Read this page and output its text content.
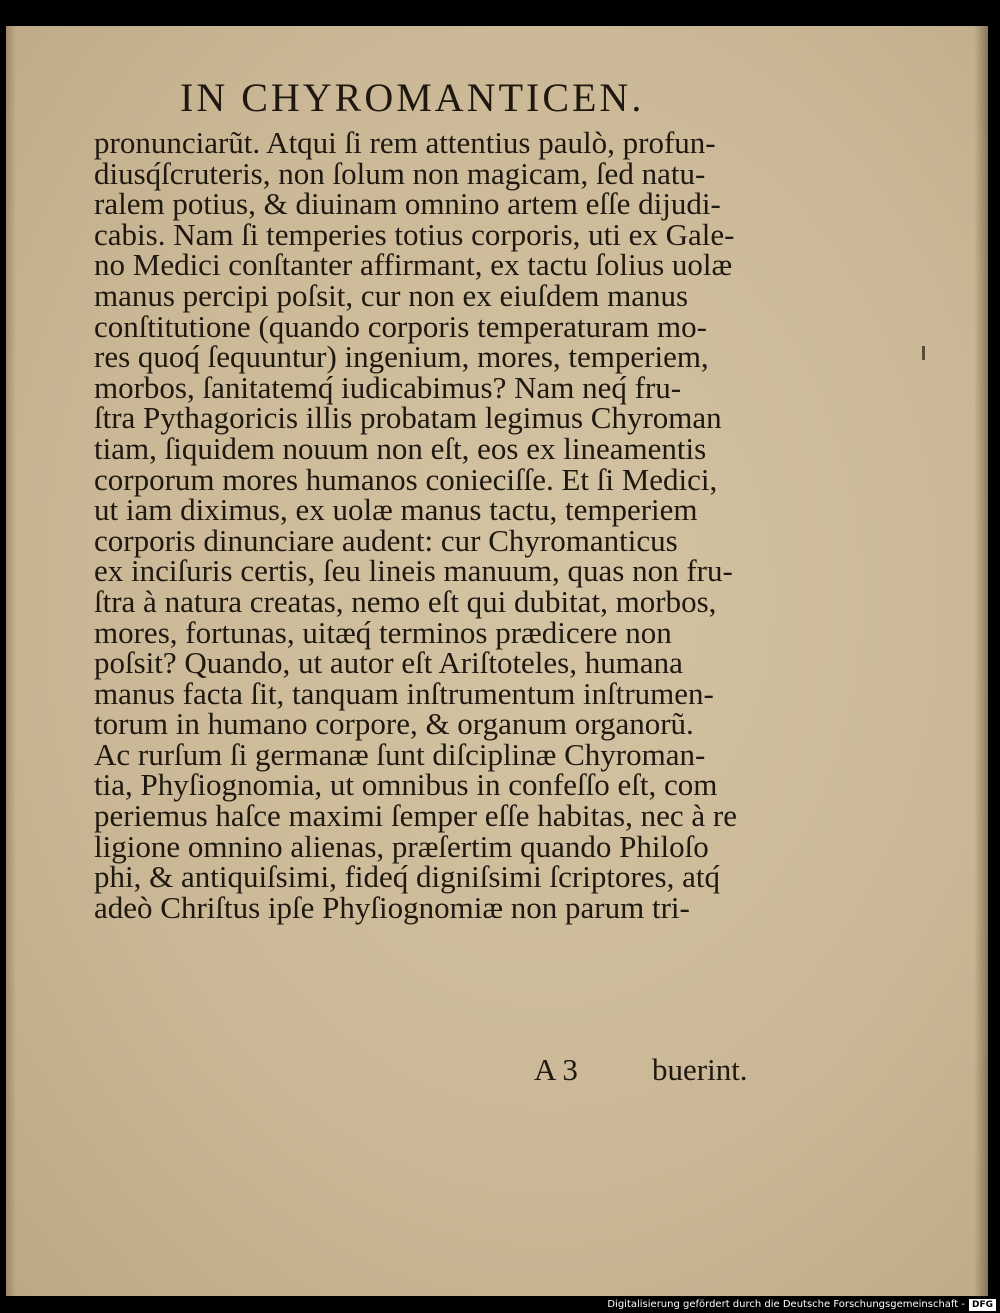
IN CHYROMANTICEN.

pronunciarũt. Atqui ſi rem attentius paulò, profun-

diusq́ſcruteris, non ſolum non magicam, ſed natu-

ralem potius, & diuinam omnino artem eſſe dijudi-

cabis. Nam ſi temperies totius corporis, uti ex Gale-

no Medici conſtanter affirmant, ex tactu ſolius uolæ

manus percipi poſsit, cur non ex eiuſdem manus

conſtitutione (quando corporis temperaturam mo-

res quoq́ ſequuntur) ingenium, mores, temperiem,

morbos, ſanitatemq́ iudicabimus? Nam neq́ fru-

ſtra Pythagoricis illis probatam legimus Chyroman

tiam, ſiquidem nouum non eſt, eos ex lineamentis

corporum mores humanos conieciſſe. Et ſi Medici,

ut iam diximus, ex uolæ manus tactu, temperiem

corporis dinunciare audent: cur Chyromanticus

ex inciſuris certis, ſeu lineis manuum, quas non fru-

ſtra à natura creatas, nemo eſt qui dubitat, morbos,

mores, fortunas, uitæq́ terminos prædicere non

poſsit? Quando, ut autor eſt Ariſtoteles, humana

manus facta ſit, tanquam inſtrumentum inſtrumen-

torum in humano corpore, & organum organorũ.

Ac rurſum ſi germanæ ſunt diſciplinæ Chyroman-

tia, Phyſiognomia, ut omnibus in confeſſo eſt, com

periemus haſce maximi ſemper eſſe habitas, nec à re

ligione omnino alienas, præſertim quando Philoſo

phi, & antiquiſsimi, fideq́ digniſsimi ſcriptores, atq́

adeò Chriſtus ipſe Phyſiognomiæ non parum tri-

A 3 buerint.
Digitalisierung gefördert durch die Deutsche Forschungsgemeinschaft - DFG
